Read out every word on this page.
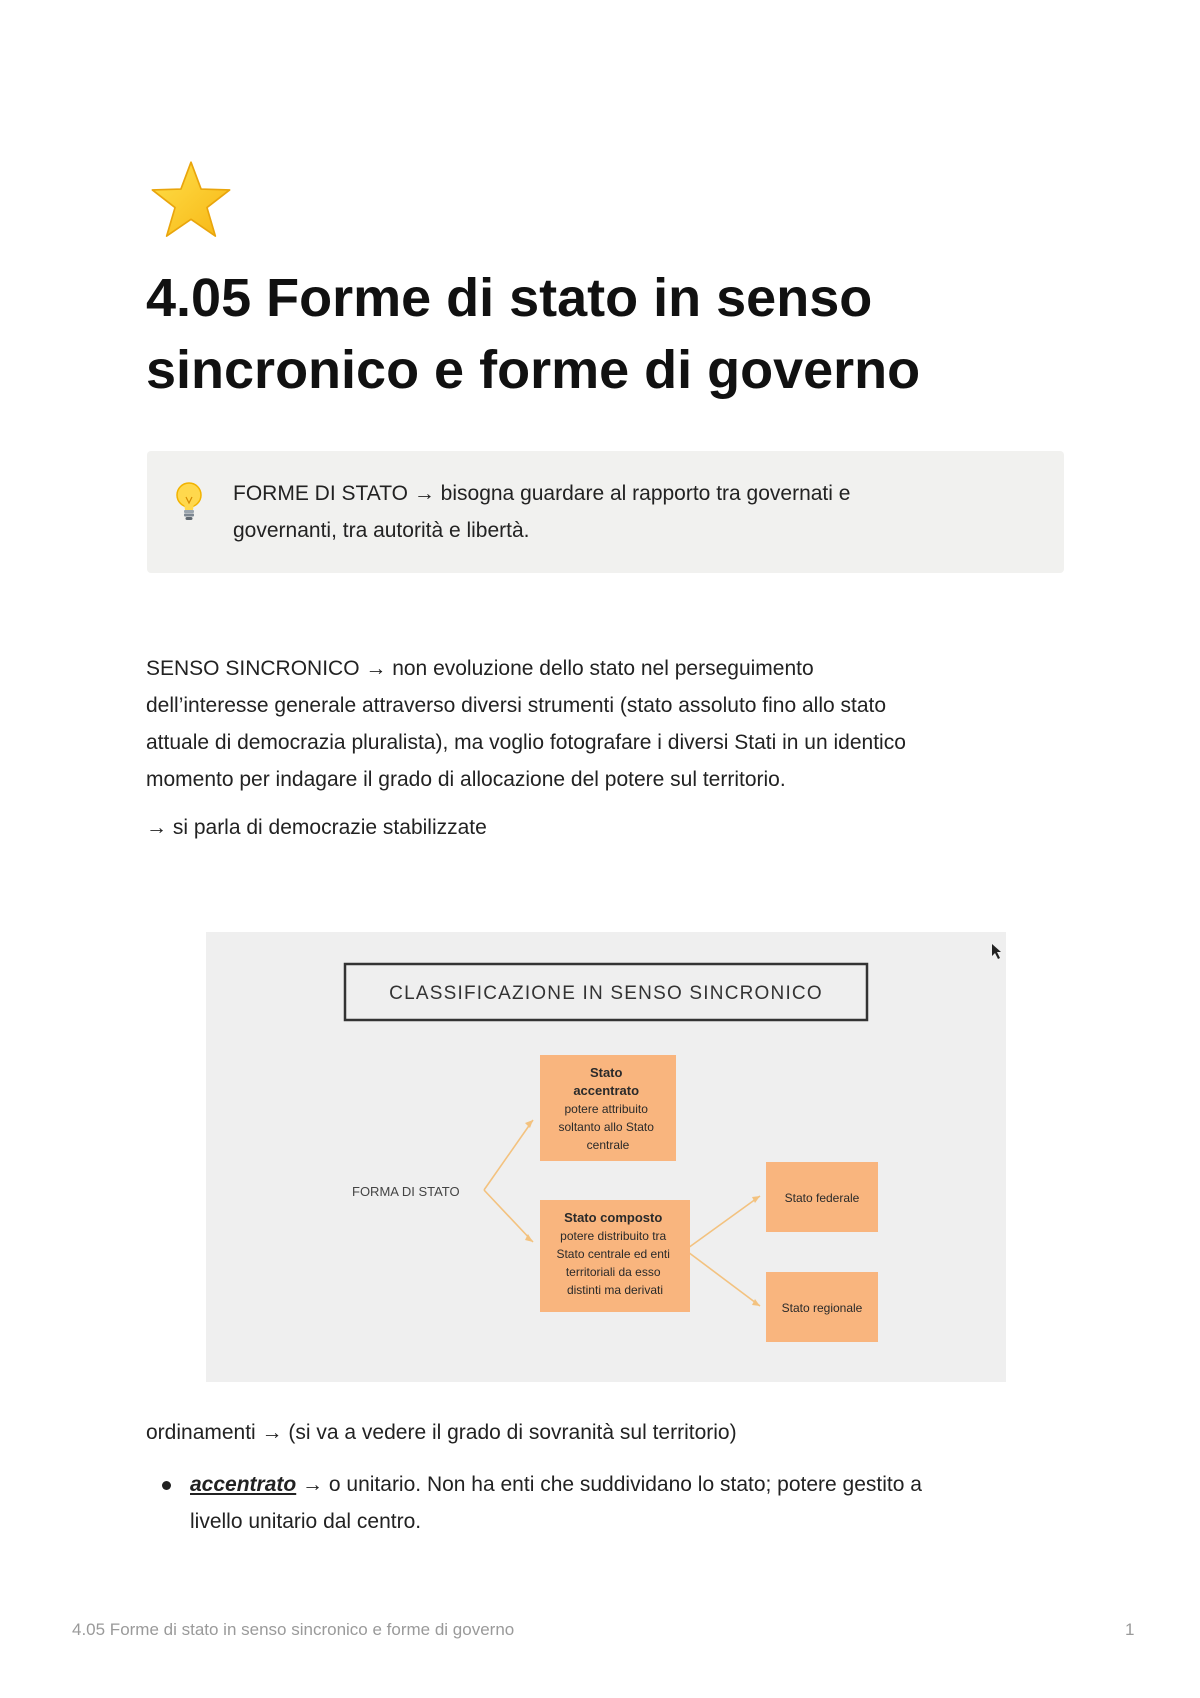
4.05 Forme di stato in senso
sincronico e forme di governo
FORME DI STATO → bisogna guardare al rapporto tra governati e
governanti, tra autorità e libertà.

SENSO SINCRONICO → non evoluzione dello stato nel perseguimento
dell’interesse generale attraverso diversi strumenti (stato assoluto fino allo stato
attuale di democrazia pluralista), ma voglio fotografare i diversi Stati in un identico
momento per indagare il grado di allocazione del potere sul territorio.

→ si parla di democrazie stabilizzate

CLASSIFICAZIONE IN SENSO SINCRONICO
FORMA DI STATO
Stato accentrato potere attribuito soltanto allo Stato centrale
Stato composto potere distribuito tra Stato centrale ed enti territoriali da esso distinti ma derivati
Stato federale
Stato regionale

ordinamenti → (si va a vedere il grado di sovranità sul territorio)

accentrato → o unitario. Non ha enti che suddividano lo stato; potere gestito a
livello unitario dal centro.
4.05 Forme di stato in senso sincronico e forme di governo	1
